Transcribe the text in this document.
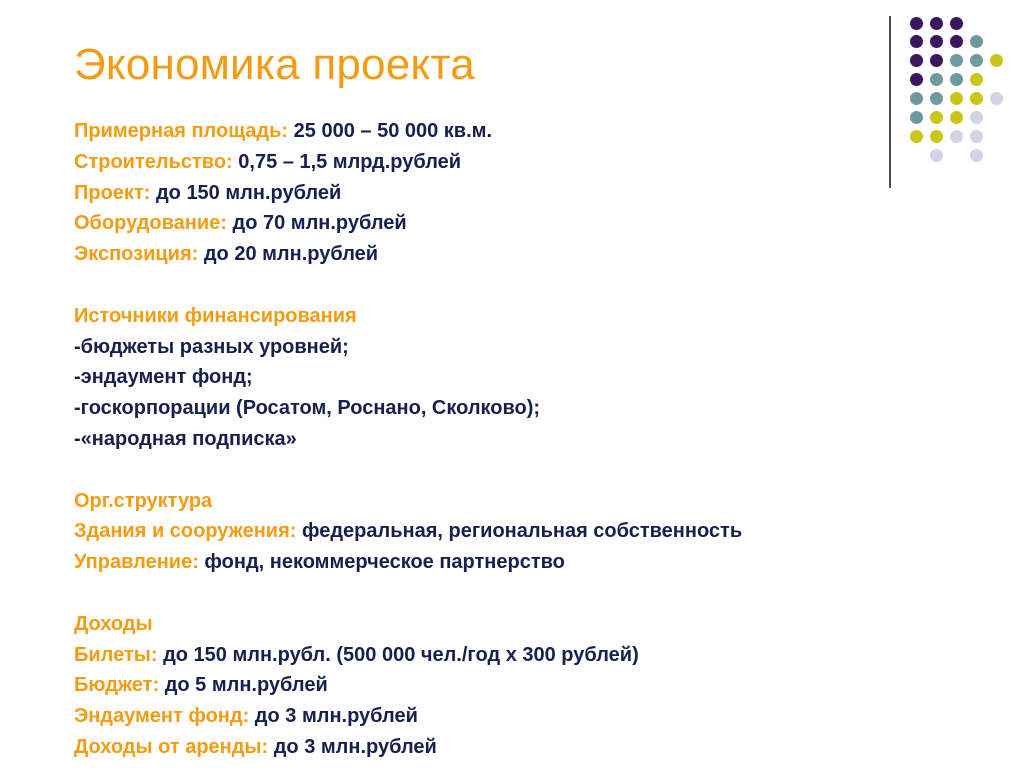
Экономика проекта
Примерная площадь: 25 000 – 50 000 кв.м.
Строительство: 0,75 – 1,5 млрд.рублей
Проект: до 150 млн.рублей
Оборудование: до 70 млн.рублей
Экспозиция: до 20 млн.рублей
Источники финансирования
-бюджеты разных уровней;
-эндаумент фонд;
-госкорпорации (Росатом, Роснано, Сколково);
-«народная подписка»
Орг.структура
Здания и сооружения: федеральная, региональная собственность
Управление: фонд, некоммерческое партнерство
Доходы
Билеты: до 150 млн.рубл. (500 000 чел./год х 300 рублей)
Бюджет: до 5 млн.рублей
Эндаумент фонд: до 3 млн.рублей
Доходы от аренды: до 3 млн.рублей
